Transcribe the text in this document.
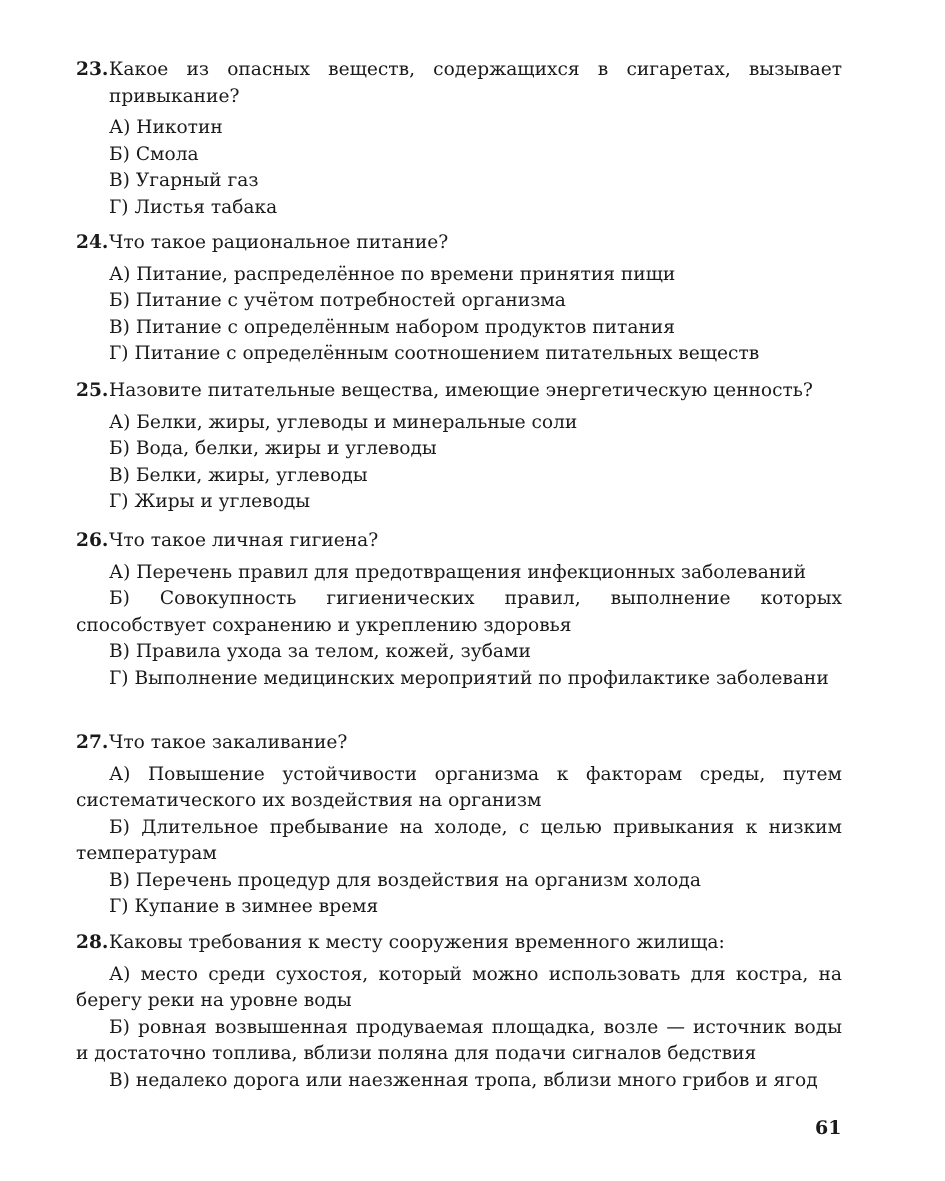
23. Какое из опасных веществ, содержащихся в сигаретах, вызывает привыкание?
А) Никотин
Б) Смола
В) Угарный газ
Г) Листья табака
24. Что такое рациональное питание?
А) Питание, распределённое по времени принятия пищи
Б) Питание с учётом потребностей организма
В) Питание с определённым набором продуктов питания
Г) Питание с определённым соотношением питательных веществ
25. Назовите питательные вещества, имеющие энергетическую ценность?
А) Белки, жиры, углеводы и минеральные соли
Б) Вода, белки, жиры и углеводы
В) Белки, жиры, углеводы
Г) Жиры и углеводы
26. Что такое личная гигиена?
А) Перечень правил для предотвращения инфекционных заболеваний
Б) Совокупность гигиенических правил, выполнение которых способствует сохранению и укреплению здоровья
В) Правила ухода за телом, кожей, зубами
Г) Выполнение медицинских мероприятий по профилактике заболевани
27. Что такое закаливание?
А) Повышение устойчивости организма к факторам среды, путем систематического их воздействия на организм
Б) Длительное пребывание на холоде, с целью привыкания к низким температурам
В) Перечень процедур для воздействия на организм холода
Г) Купание в зимнее время
28. Каковы требования к месту сооружения временного жилища:
А) место среди сухостоя, который можно использовать для костра, на берегу реки на уровне воды
Б) ровная возвышенная продуваемая площадка, возле — источник воды и достаточно топлива, вблизи поляна для подачи сигналов бедствия
В) недалеко дорога или наезженная тропа, вблизи много грибов и ягод
61
